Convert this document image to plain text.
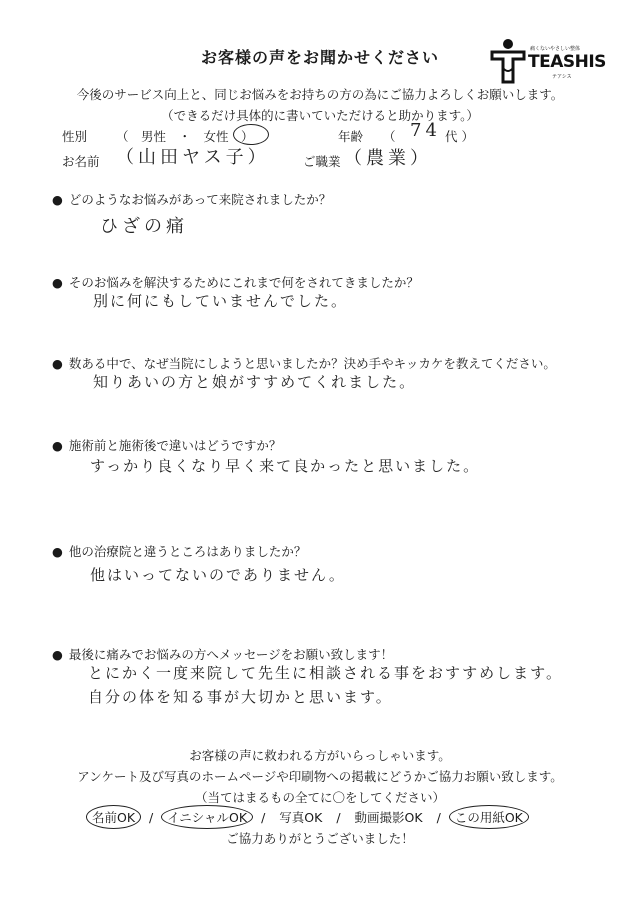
お客様の声をお聞かせください	痛くないやさしい整体
TEASHIS
テアシス
今後のサービス向上と、同じお悩みをお持ちの方の為にご協力よろしくお願いします。
（できるだけ具体的に書いていただけると助かります。）
性別 （　男性　・　女性　）	年齢 （ 74 代 ）
お名前 （山田ヤス子）	ご職業 （農業）
● どのようなお悩みがあって来院されましたか？
ひざの痛
● そのお悩みを解決するためにこれまで何をされてきましたか？
別に何にもしていませんでした。
● 数ある中で、なぜ当院にしようと思いましたか？決め手やキッカケを教えてください。
知りあいの方と娘がすすめてくれました。
● 施術前と施術後で違いはどうですか？
すっかり良くなり早く来て良かったと思いました。
● 他の治療院と違うところはありましたか？
他はいってないのでありません。
● 最後に痛みでお悩みの方へメッセージをお願い致します！
とにかく一度来院して先生に相談される事をおすすめします。
自分の体を知る事が大切かと思います。
お客様の声に救われる方がいらっしゃいます。
アンケート及び写真のホームページや印刷物への掲載にどうかご協力お願い致します。
（当てはまるもの全てに〇をしてください）
名前OK / イニシャルOK / 写真OK / 動画撮影OK / この用紙OK
ご協力ありがとうございました！
